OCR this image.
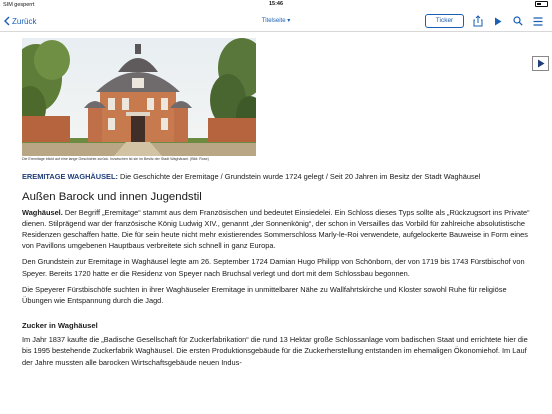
SIM gesperrt	15:46
Zurück	Titelseite ▾	Ticker
Die Eremitage blickt auf eine lange Geschichte zurück. Inzwischen ist sie im Besitz der Stadt Waghäusel. (Bild: Rose)

EREMITAGE WAGHÄUSEL: Die Geschichte der Eremitage / Grundstein wurde 1724 gelegt / Seit 20 Jahren im Besitz der Stadt Waghäusel

Außen Barock und innen Jugendstil

Waghäusel. Der Begriff „Eremitage“ stammt aus dem Französischen und bedeutet Einsiedelei. Ein Schloss dieses Typs sollte als „Rückzugsort ins Private“ dienen. Stilprägend war der französische König Ludwig XIV., genannt „der Sonnenkönig“, der schon in Versailles das Vorbild für zahlreiche absolutistische Residenzen geschaffen hatte. Die für sein heute nicht mehr existierendes Sommerschloss Marly-le-Roi verwendete, aufgelockerte Bauweise in Form eines von Pavillons umgebenen Hauptbaus verbreitete sich schnell in ganz Europa.

Den Grundstein zur Eremitage in Waghäusel legte am 26. September 1724 Damian Hugo Philipp von Schönborn, der von 1719 bis 1743 Fürstbischof von Speyer. Bereits 1720 hatte er die Residenz von Speyer nach Bruchsal verlegt und dort mit dem Schlossbau begonnen.

Die Speyerer Fürstbischöfe suchten in ihrer Waghäuseler Eremitage in unmittelbarer Nähe zu Wallfahrtskirche und Kloster sowohl Ruhe für religiöse Übungen wie Entspannung durch die Jagd.

Zucker in Waghäusel

Im Jahr 1837 kaufte die „Badische Gesellschaft für Zuckerfabrikation“ die rund 13 Hektar große Schlossanlage vom badischen Staat und errichtete hier die bis 1995 bestehende Zuckerfabrik Waghäusel. Die ersten Produktionsgebäude für die Zuckerherstellung entstanden im ehemaligen Ökonomiehof. Im Lauf der Jahre mussten alle barocken Wirtschaftsgebäude neuen Indus-
